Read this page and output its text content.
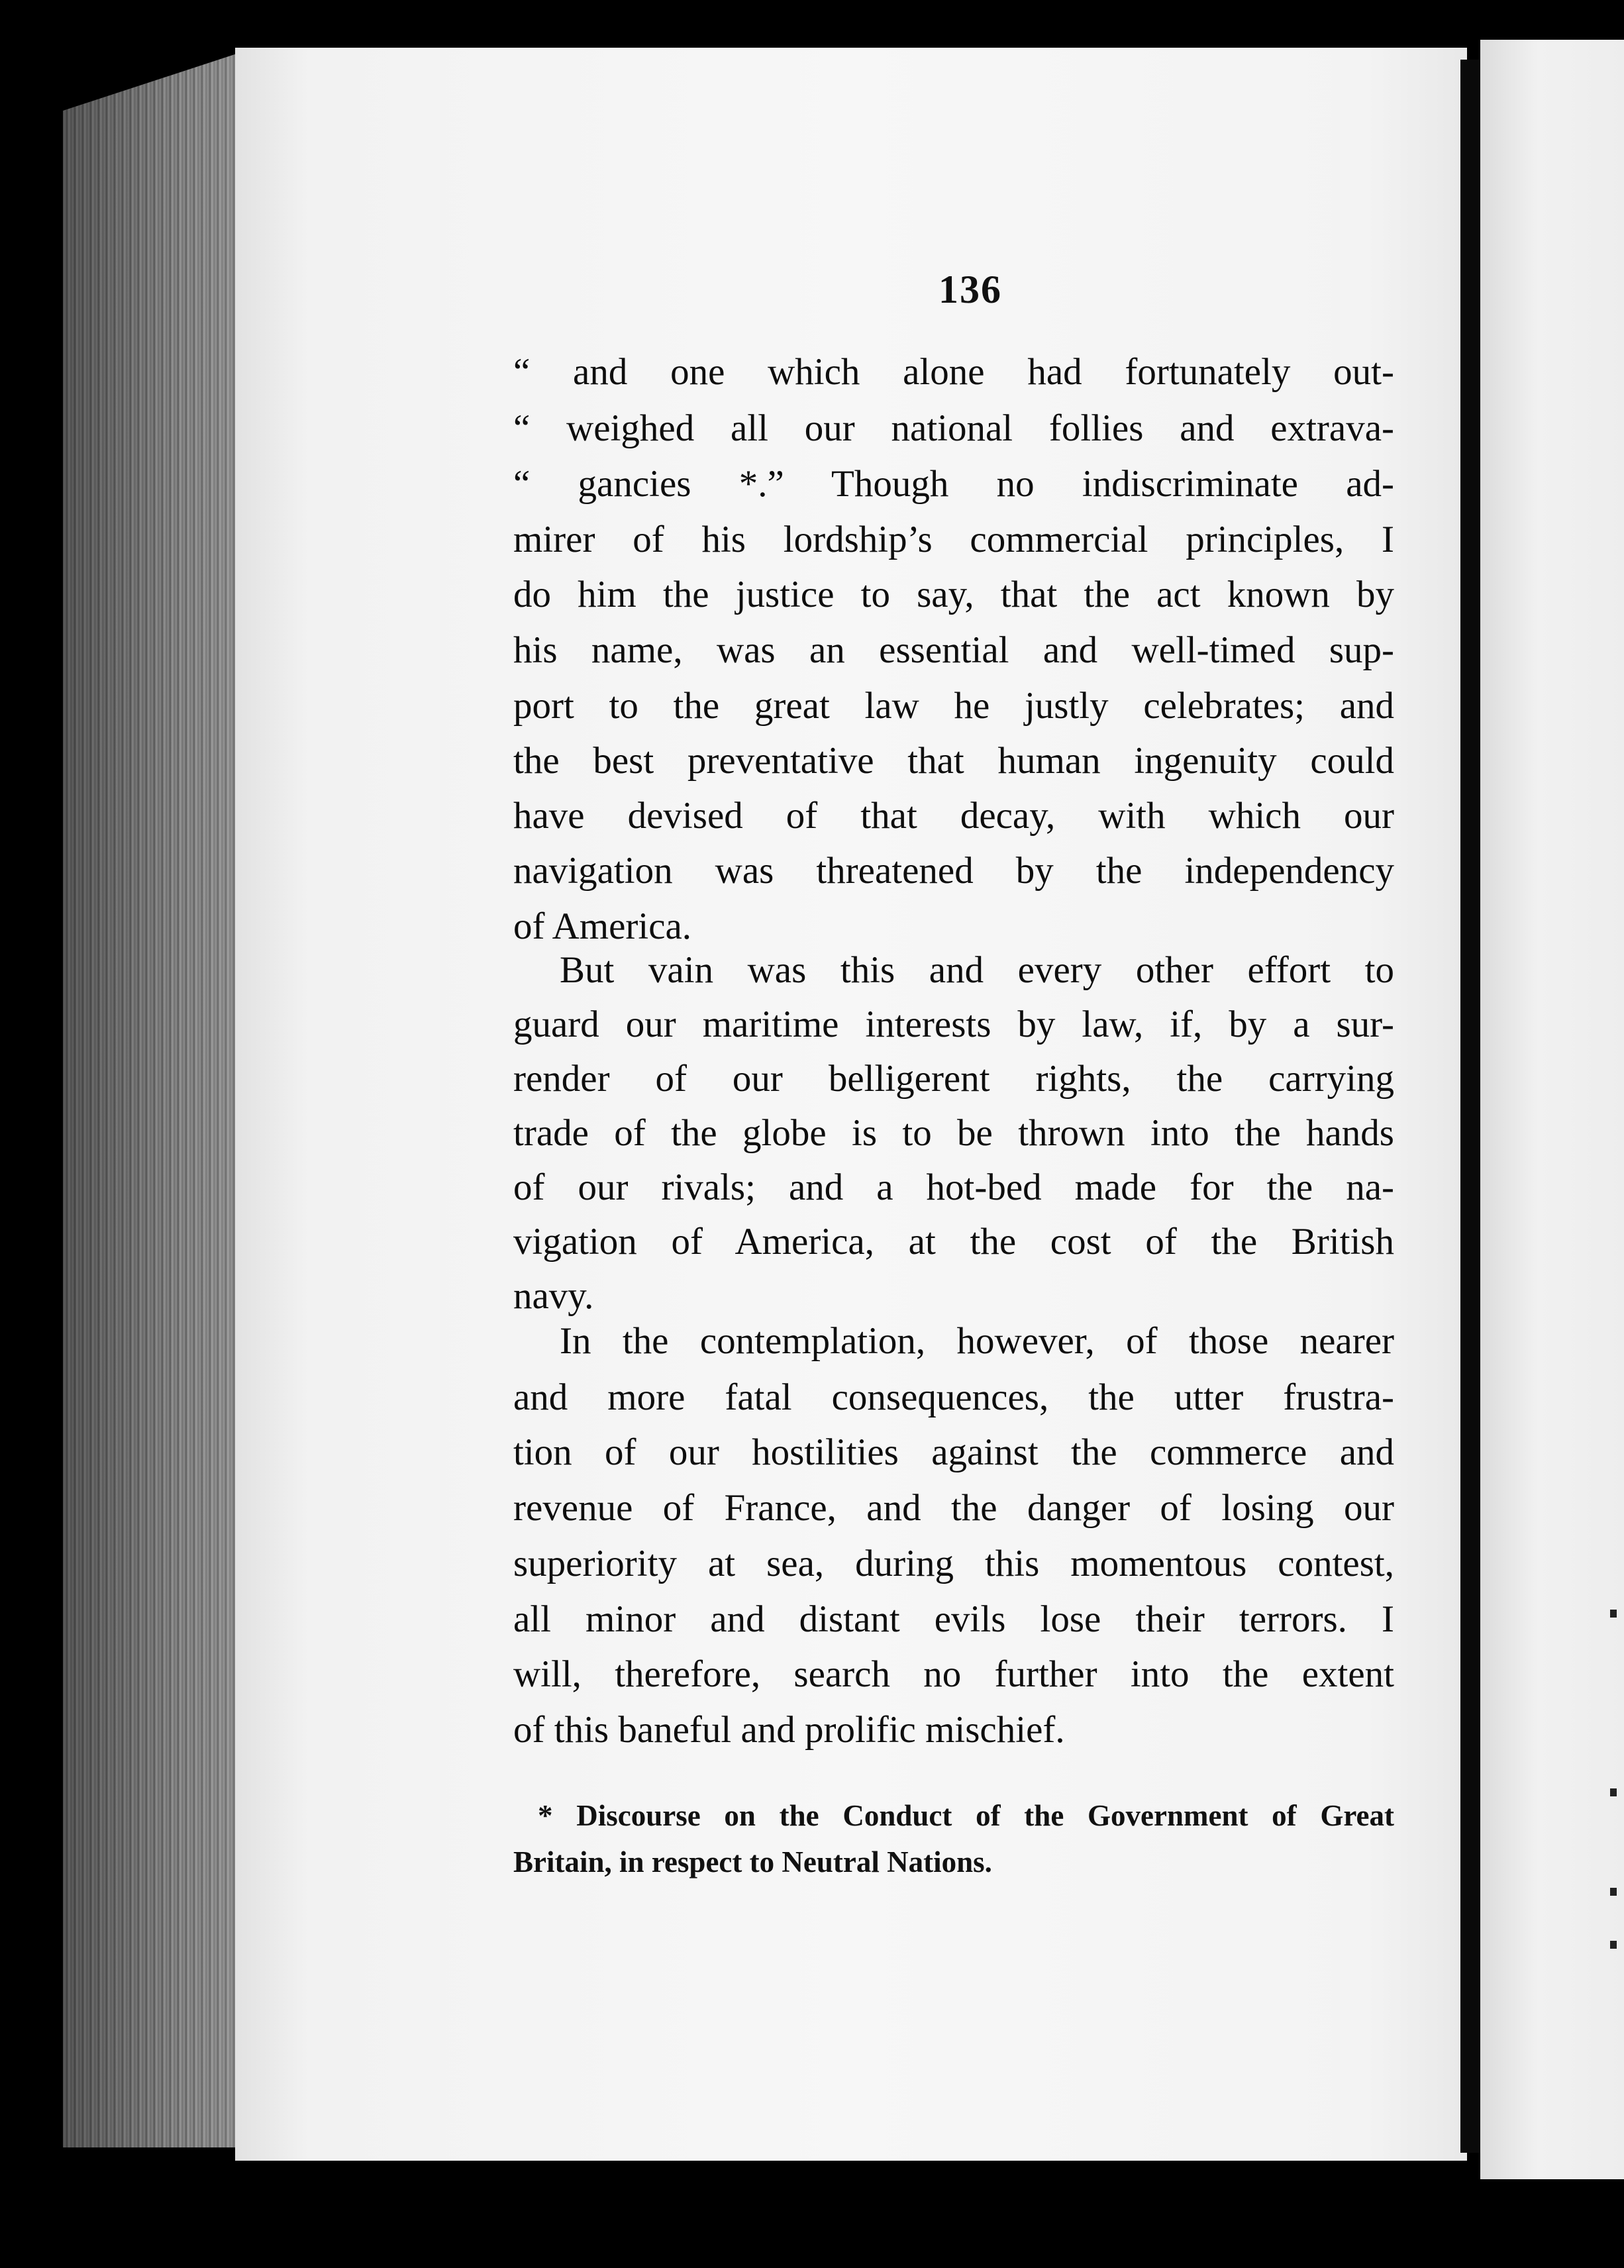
136
“ and one which alone had fortunately out-
“ weighed all our national follies and extrava-
“ gancies *.” Though no indiscriminate ad-
mirer of his lordship’s commercial principles, I
do him the justice to say, that the act known by
his name, was an essential and well-timed sup-
port to the great law he justly celebrates; and
the best preventative that human ingenuity could
have devised of that decay, with which our
navigation was threatened by the independency
of America.
But vain was this and every other effort to
guard our maritime interests by law, if, by a sur-
render of our belligerent rights, the carrying
trade of the globe is to be thrown into the hands
of our rivals; and a hot-bed made for the na-
vigation of America, at the cost of the British
navy.
In the contemplation, however, of those nearer
and more fatal consequences, the utter frustra-
tion of our hostilities against the commerce and
revenue of France, and the danger of losing our
superiority at sea, during this momentous contest,
all minor and distant evils lose their terrors. I
will, therefore, search no further into the extent
of this baneful and prolific mischief.
* Discourse on the Conduct of the Government of Great
Britain, in respect to Neutral Nations.
